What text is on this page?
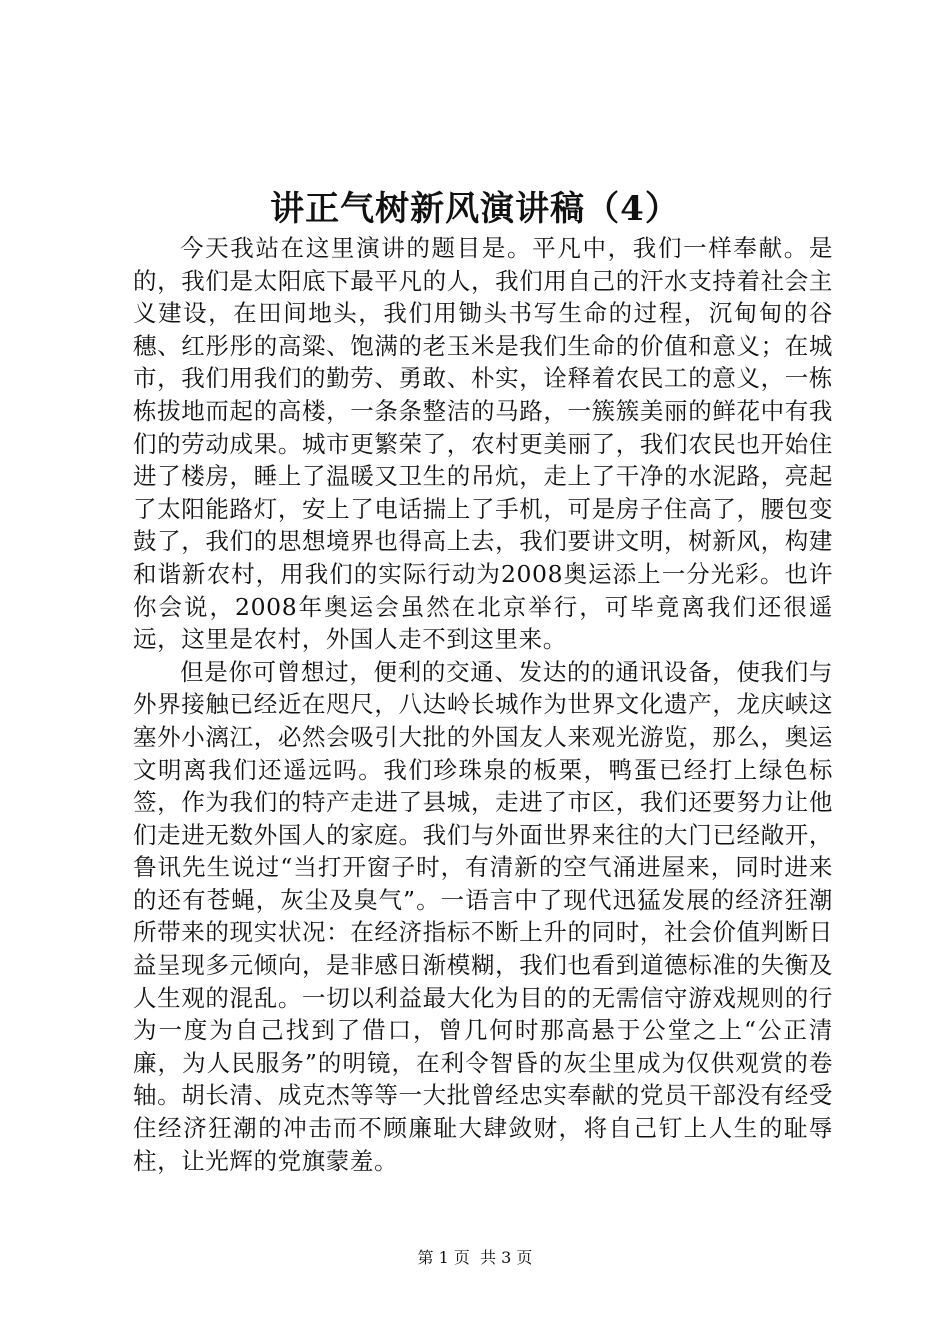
讲正气树新风演讲稿（4）

今天我站在这里演讲的题目是。平凡中，我们一样奉献。是的，我们是太阳底下最平凡的人，我们用自己的汗水支持着社会主义建设，在田间地头，我们用锄头书写生命的过程，沉甸甸的谷穗、红彤彤的高粱、饱满的老玉米是我们生命的价值和意义；在城市，我们用我们的勤劳、勇敢、朴实，诠释着农民工的意义，一栋栋拔地而起的高楼，一条条整洁的马路，一簇簇美丽的鲜花中有我们的劳动成果。城市更繁荣了，农村更美丽了，我们农民也开始住进了楼房，睡上了温暖又卫生的吊炕，走上了干净的水泥路，亮起了太阳能路灯，安上了电话揣上了手机，可是房子住高了，腰包变鼓了，我们的思想境界也得高上去，我们要讲文明，树新风，构建和谐新农村，用我们的实际行动为2008奥运添上一分光彩。也许你会说，2008年奥运会虽然在北京举行，可毕竟离我们还很遥远，这里是农村，外国人走不到这里来。

但是你可曾想过，便利的交通、发达的的通讯设备，使我们与外界接触已经近在咫尺，八达岭长城作为世界文化遗产，龙庆峡这塞外小漓江，必然会吸引大批的外国友人来观光游览，那么，奥运文明离我们还遥远吗。我们珍珠泉的板栗，鸭蛋已经打上绿色标签，作为我们的特产走进了县城，走进了市区，我们还要努力让他们走进无数外国人的家庭。我们与外面世界来往的大门已经敞开，鲁讯先生说过“当打开窗子时，有清新的空气涌进屋来，同时进来的还有苍蝇，灰尘及臭气”。一语言中了现代迅猛发展的经济狂潮所带来的现实状况：在经济指标不断上升的同时，社会价值判断日益呈现多元倾向，是非感日渐模糊，我们也看到道德标准的失衡及人生观的混乱。一切以利益最大化为目的的无需信守游戏规则的行为一度为自己找到了借口，曾几何时那高悬于公堂之上“公正清廉，为人民服务”的明镜，在利令智昏的灰尘里成为仅供观赏的卷轴。胡长清、成克杰等等一大批曾经忠实奉献的党员干部没有经受住经济狂潮的冲击而不顾廉耻大肆敛财，将自己钉上人生的耻辱柱，让光辉的党旗蒙羞。

第 1 页  共 3 页
